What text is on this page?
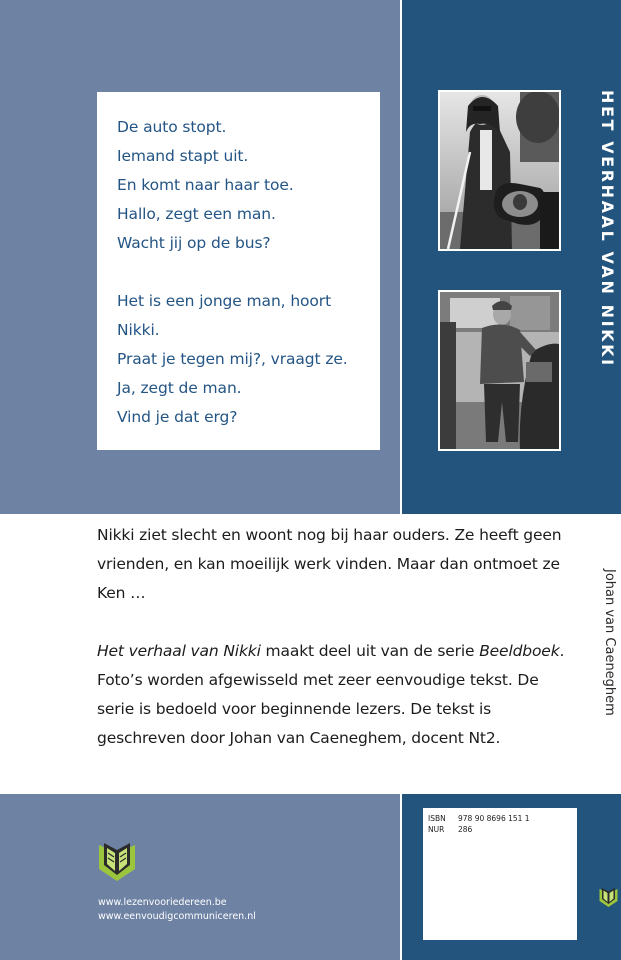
De auto stopt.
Iemand stapt uit.
En komt naar haar toe.
Hallo, zegt een man.
Wacht jij op de bus?
Het is een jonge man, hoort
Nikki.
Praat je tegen mij?, vraagt ze.
Ja, zegt de man.
Vind je dat erg?
HET VERHAAL VAN NIKKI

Nikki ziet slecht en woont nog bij haar ouders. Ze heeft geen vrienden, en kan moeilijk werk vinden. Maar dan ontmoet ze Ken …

Het verhaal van Nikki maakt deel uit van de serie Beeldboek. Foto’s worden afgewisseld met zeer eenvoudige tekst. De serie is bedoeld voor beginnende lezers. De tekst is geschreven door Johan van Caeneghem, docent Nt2.

Johan van Caeneghem
www.lezenvooriedereen.be
www.eenvoudigcommuniceren.nl
ISBN 978 90 8696 151 1
NUR 286
